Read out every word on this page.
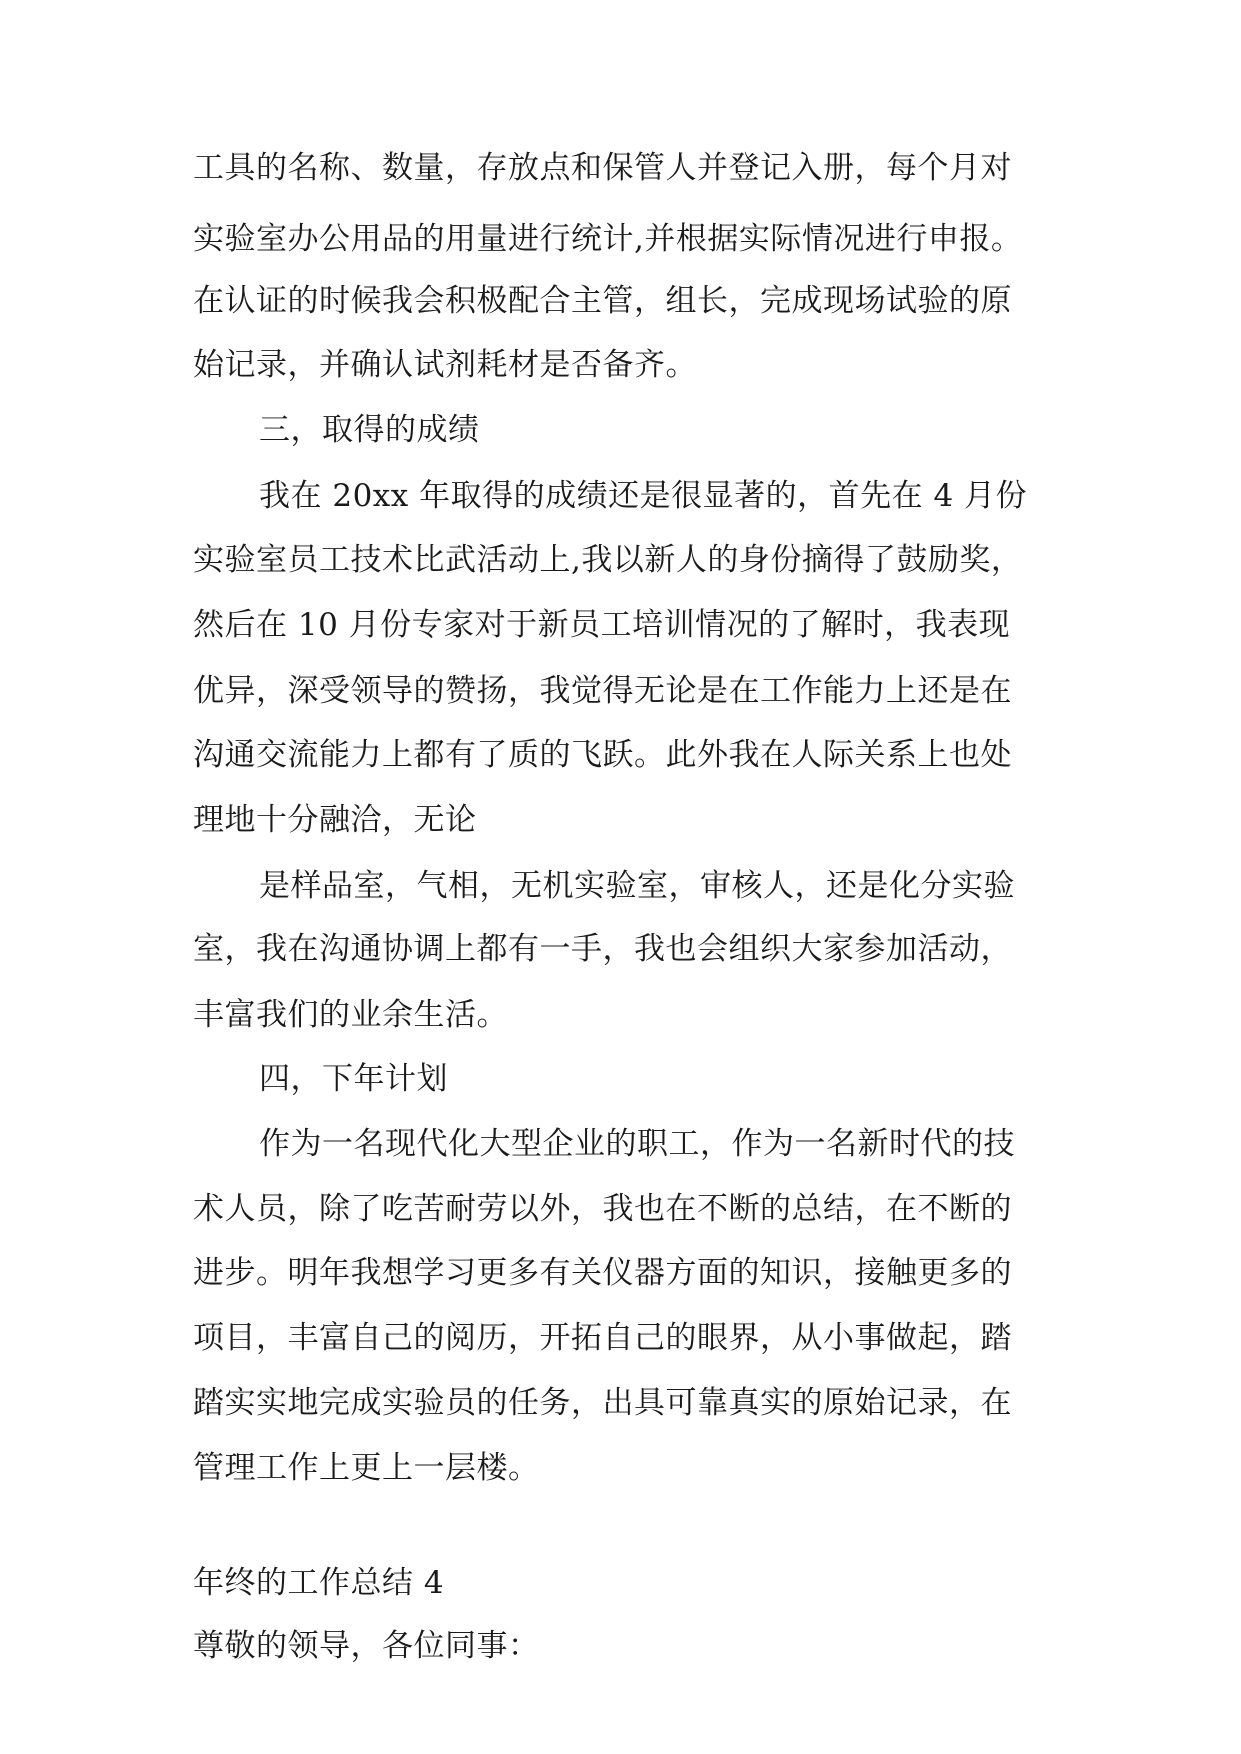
工具的名称、数量，存放点和保管人并登记入册，每个月对
实验室办公用品的用量进行统计,并根据实际情况进行申报。
在认证的时候我会积极配合主管，组长，完成现场试验的原
始记录，并确认试剂耗材是否备齐。
三，取得的成绩
我在 20xx 年取得的成绩还是很显著的，首先在 4 月份
实验室员工技术比武活动上,我以新人的身份摘得了鼓励奖，
然后在 10 月份专家对于新员工培训情况的了解时，我表现
优异，深受领导的赞扬，我觉得无论是在工作能力上还是在
沟通交流能力上都有了质的飞跃。此外我在人际关系上也处
理地十分融洽，无论
是样品室，气相，无机实验室，审核人，还是化分实验
室，我在沟通协调上都有一手，我也会组织大家参加活动，
丰富我们的业余生活。
四，下年计划
作为一名现代化大型企业的职工，作为一名新时代的技
术人员，除了吃苦耐劳以外，我也在不断的总结，在不断的
进步。明年我想学习更多有关仪器方面的知识，接触更多的
项目，丰富自己的阅历，开拓自己的眼界，从小事做起，踏
踏实实地完成实验员的任务，出具可靠真实的原始记录，在
管理工作上更上一层楼。
年终的工作总结 4
尊敬的领导，各位同事：
